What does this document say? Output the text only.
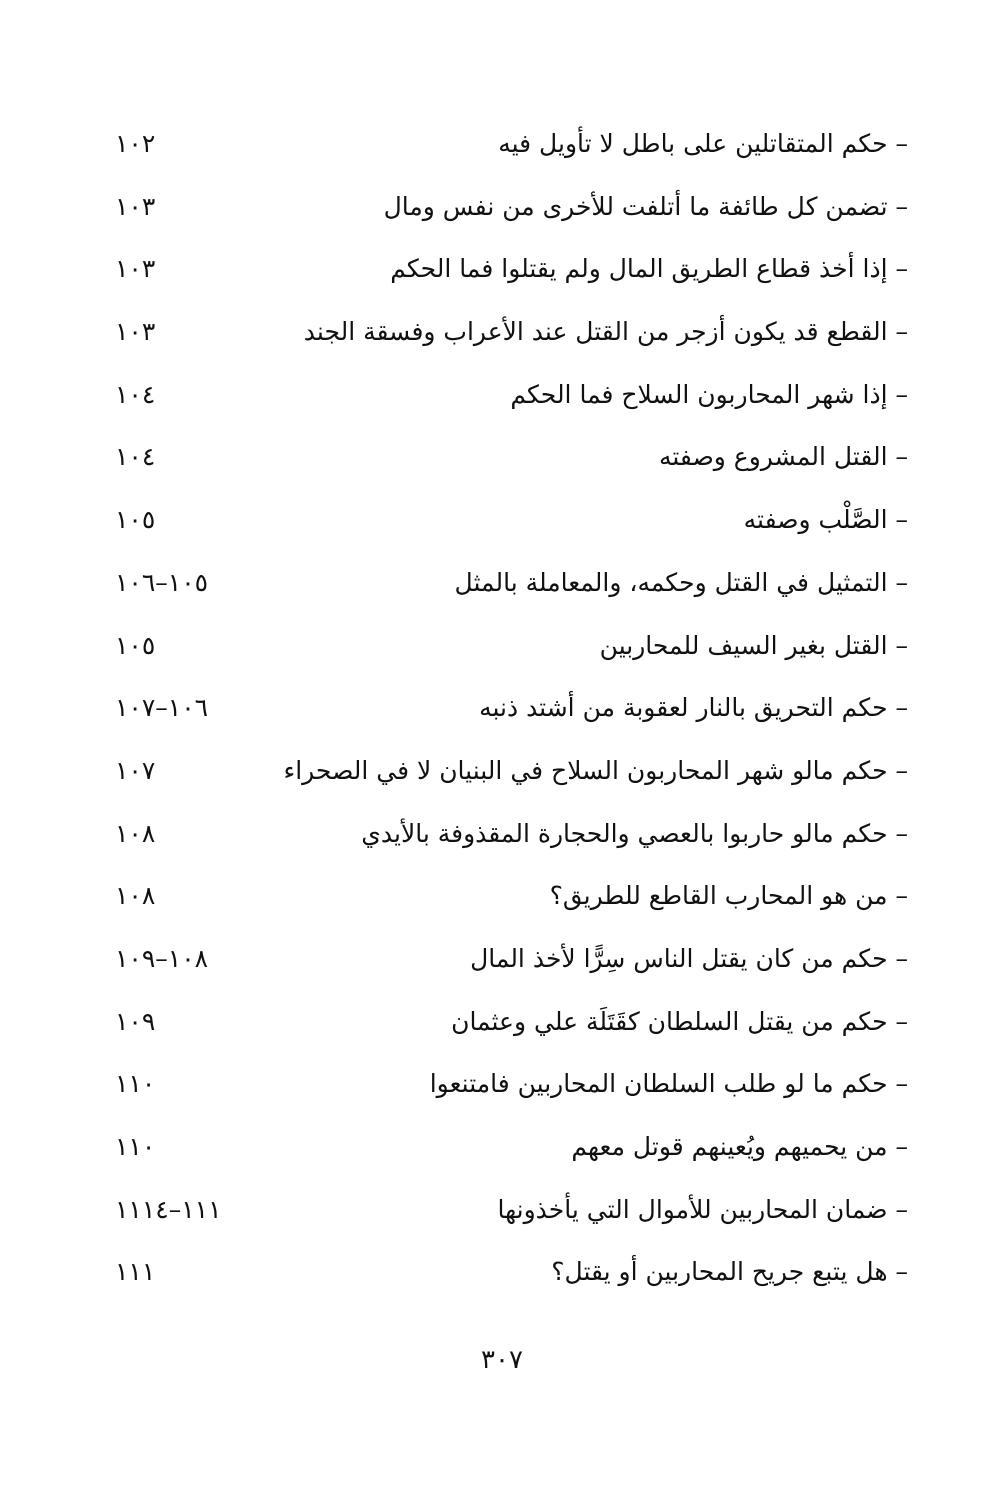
– حكم المتقاتلين على باطل لا تأويل فيه
١٠٢
– تضمن كل طائفة ما أتلفت للأخرى من نفس ومال
١٠٣
– إذا أخذ قطاع الطريق المال ولم يقتلوا فما الحكم
١٠٣
– القطع قد يكون أزجر من القتل عند الأعراب وفسقة الجند
١٠٣
– إذا شهر المحاربون السلاح فما الحكم
١٠٤
– القتل المشروع وصفته
١٠٤
– الصَّلْب وصفته
١٠٥
– التمثيل في القتل وحكمه، والمعاملة بالمثل
١٠٥–١٠٦
– القتل بغير السيف للمحاربين
١٠٥
– حكم التحريق بالنار لعقوبة من أشتد ذنبه
١٠٦–١٠٧
– حكم مالو شهر المحاربون السلاح في البنيان لا في الصحراء
١٠٧
– حكم مالو حاربوا بالعصي والحجارة المقذوفة بالأيدي
١٠٨
– من هو المحارب القاطع للطريق؟
١٠٨
– حكم من كان يقتل الناس سِرًّا لأخذ المال
١٠٨–١٠٩
– حكم من يقتل السلطان كقَتَلَة علي وعثمان
١٠٩
– حكم ما لو طلب السلطان المحاربين فامتنعوا
١١٠
– من يحميهم ويُعينهم قوتل معهم
١١٠
– ضمان المحاربين للأموال التي يأخذونها
١١١–١١١٤
– هل يتبع جريح المحاربين أو يقتل؟
١١١
٣٠٧
